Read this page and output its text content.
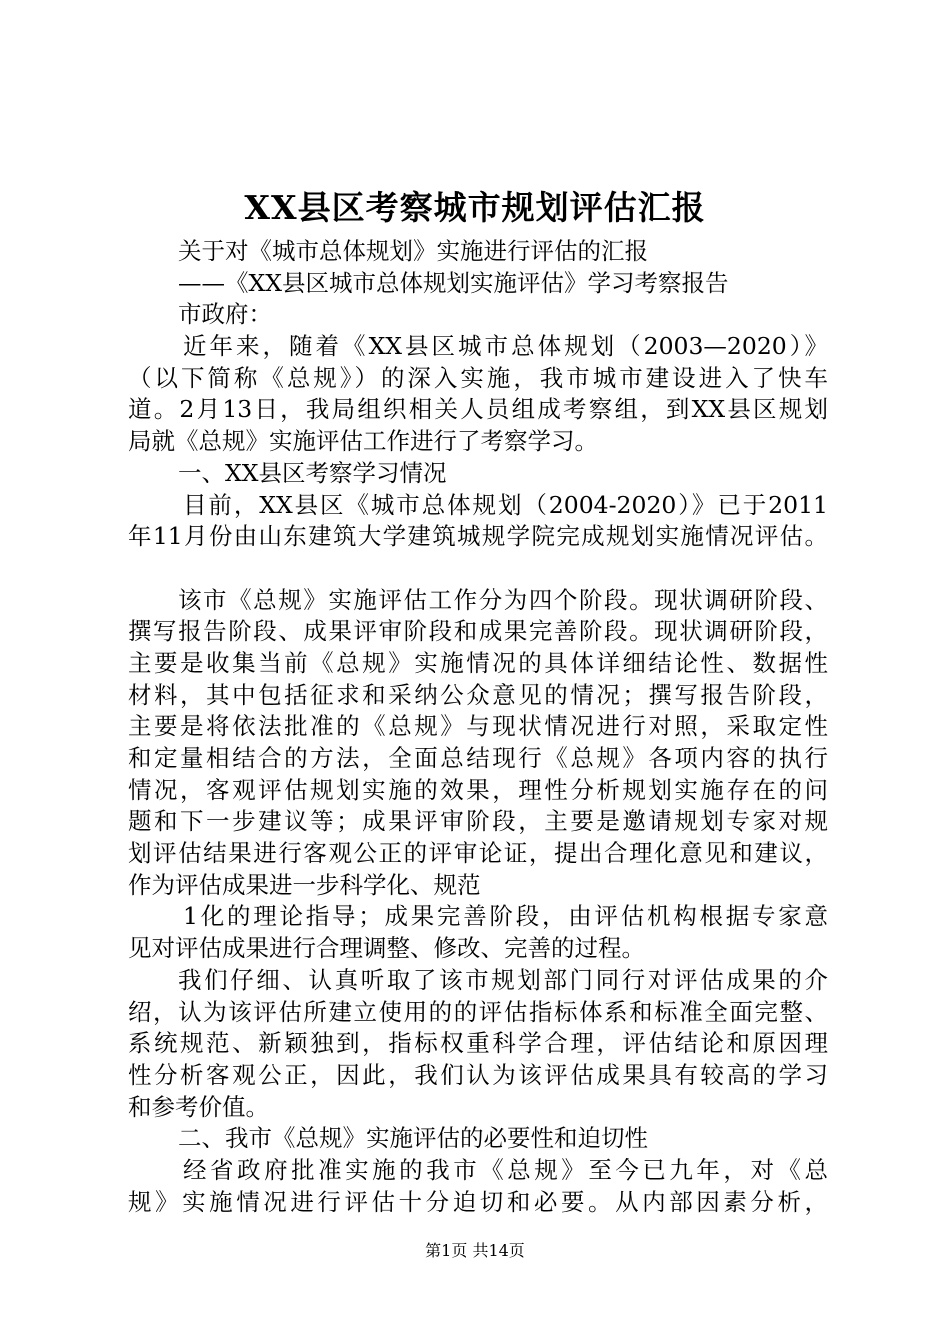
XX县区考察城市规划评估汇报
关于对《城市总体规划》实施进行评估的汇报
——《XX县区城市总体规划实施评估》学习考察报告
市政府：
近年来，随着《XX县区城市总体规划（2003—2020）》
（以下简称《总规》）的深入实施，我市城市建设进入了快车
道。2月13日，我局组织相关人员组成考察组，到XX县区规划
局就《总规》实施评估工作进行了考察学习。
一、XX县区考察学习情况
目前，XX县区《城市总体规划（2004-2020）》已于2011
年11月份由山东建筑大学建筑城规学院完成规划实施情况评估。
该市《总规》实施评估工作分为四个阶段。现状调研阶段、
撰写报告阶段、成果评审阶段和成果完善阶段。现状调研阶段，
主要是收集当前《总规》实施情况的具体详细结论性、数据性
材料，其中包括征求和采纳公众意见的情况；撰写报告阶段，
主要是将依法批准的《总规》与现状情况进行对照，采取定性
和定量相结合的方法，全面总结现行《总规》各项内容的执行
情况，客观评估规划实施的效果，理性分析规划实施存在的问
题和下一步建议等；成果评审阶段，主要是邀请规划专家对规
划评估结果进行客观公正的评审论证，提出合理化意见和建议，
作为评估成果进一步科学化、规范
1化的理论指导；成果完善阶段，由评估机构根据专家意
见对评估成果进行合理调整、修改、完善的过程。
我们仔细、认真听取了该市规划部门同行对评估成果的介
绍，认为该评估所建立使用的的评估指标体系和标准全面完整、
系统规范、新颖独到，指标权重科学合理，评估结论和原因理
性分析客观公正，因此，我们认为该评估成果具有较高的学习
和参考价值。
二、我市《总规》实施评估的必要性和迫切性
经省政府批准实施的我市《总规》至今已九年，对《总
规》实施情况进行评估十分迫切和必要。从内部因素分析，
第1页 共14页
